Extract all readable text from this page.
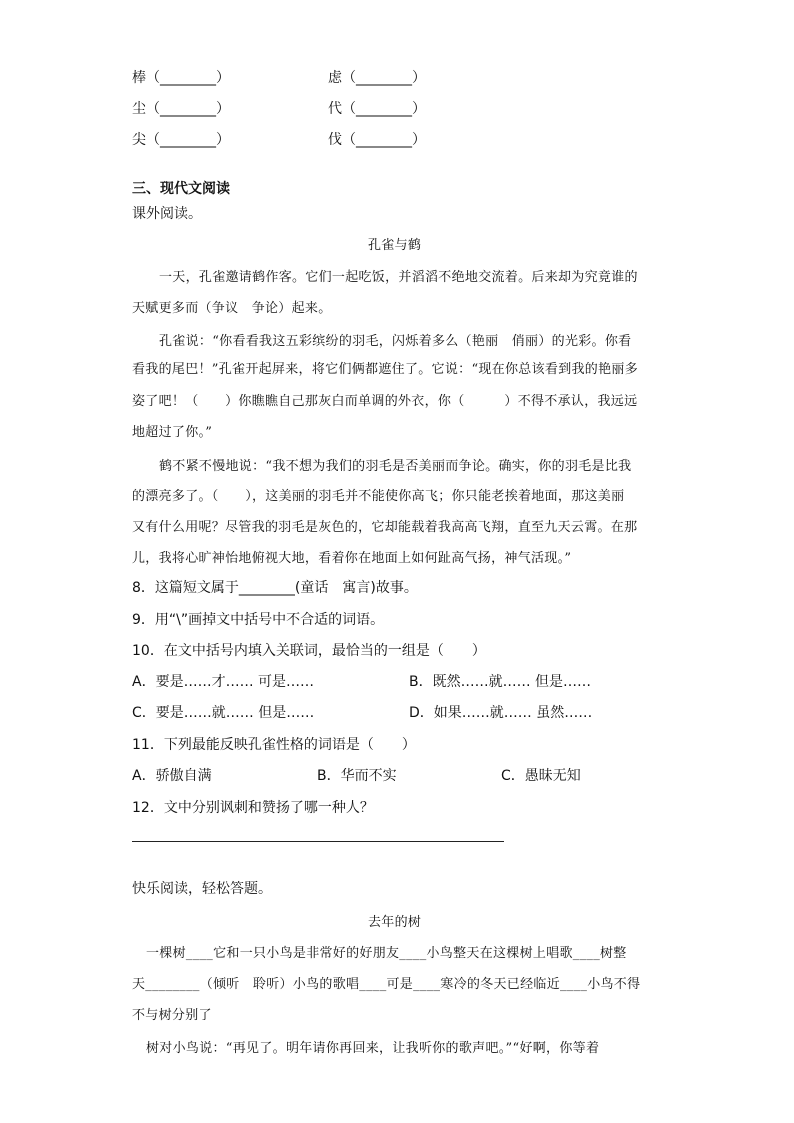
棒（________）	虑（________）
尘（________）	代（________）
尖（________）	伐（________）
三、现代文阅读
课外阅读。
孔雀与鹤
一天，孔雀邀请鹤作客。它们一起吃饭，并滔滔不绝地交流着。后来却为究竟谁的
天赋更多而（争议　争论）起来。
孔雀说：“你看看我这五彩缤纷的羽毛，闪烁着多么（艳丽　俏丽）的光彩。你看
看我的尾巴！”孔雀开起屏来，将它们俩都遮住了。它说：“现在你总该看到我的艳丽多
姿了吧！（　　）你瞧瞧自己那灰白而单调的外衣，你（　　　）不得不承认，我远远
地超过了你。”
鹤不紧不慢地说：“我不想为我们的羽毛是否美丽而争论。确实，你的羽毛是比我
的漂亮多了。（　　），这美丽的羽毛并不能使你高飞；你只能老挨着地面，那这美丽
又有什么用呢？尽管我的羽毛是灰色的，它却能载着我高高飞翔，直至九天云霄。在那
儿，我将心旷神怡地俯视大地，看着你在地面上如何趾高气扬，神气活现。”
8．这篇短文属于________(童话　寓言)故事。
9．用“\”画掉文中括号中不合适的词语。
10．在文中括号内填入关联词，最恰当的一组是（　　）
A．要是……才…… 可是……	B．既然……就…… 但是……
C．要是……就…… 但是……	D．如果……就…… 虽然……
11．下列最能反映孔雀性格的词语是（　　）
A．骄傲自满	B．华而不实	C．愚昧无知
12．文中分别讽刺和赞扬了哪一种人？
快乐阅读，轻松答题。
去年的树
一棵树____它和一只小鸟是非常好的好朋友____小鸟整天在这棵树上唱歌____树整
天________（倾听　聆听）小鸟的歌唱____可是____寒冷的冬天已经临近____小鸟不得
不与树分别了
树对小鸟说：“再见了。明年请你再回来，让我听你的歌声吧。”“好啊，你等着
